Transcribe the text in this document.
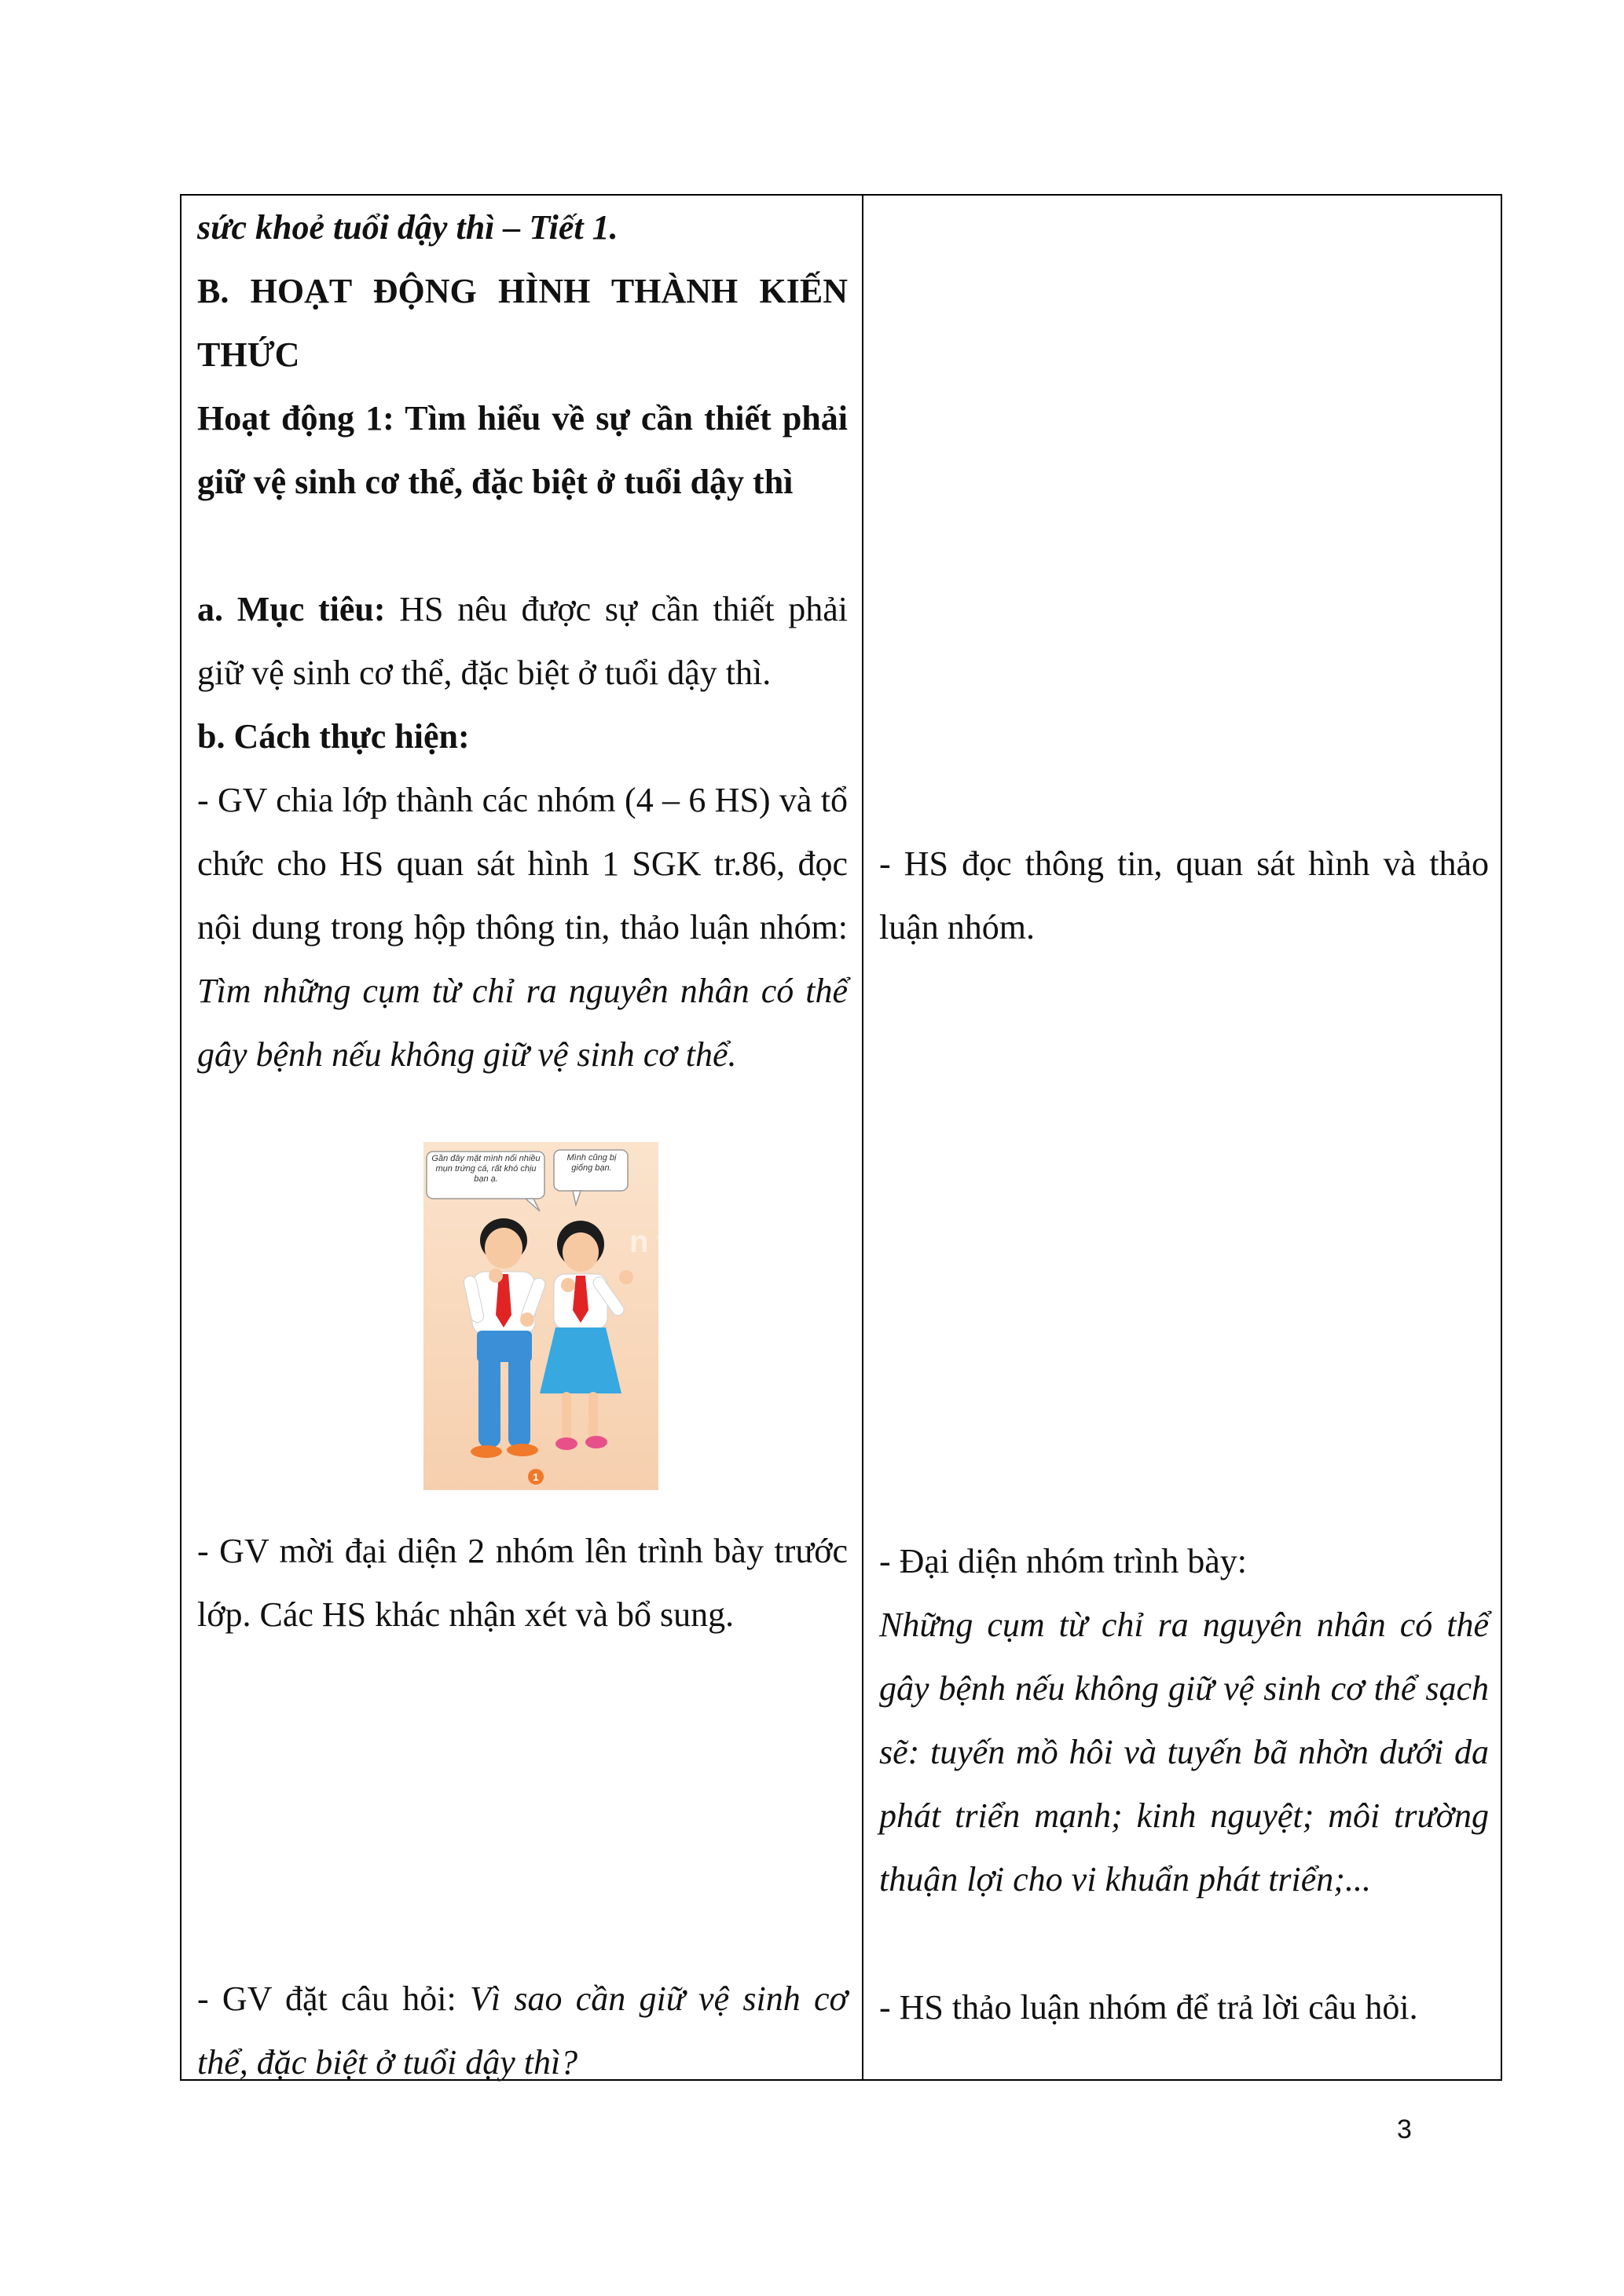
sức khoẻ tuổi dậy thì – Tiết 1.

B. HOẠT ĐỘNG HÌNH THÀNH KIẾN THỨC

Hoạt động 1: Tìm hiểu về sự cần thiết phải giữ vệ sinh cơ thể, đặc biệt ở tuổi dậy thì

a. Mục tiêu: HS nêu được sự cần thiết phải giữ vệ sinh cơ thể, đặc biệt ở tuổi dậy thì.

b. Cách thực hiện:

- GV chia lớp thành các nhóm (4 – 6 HS) và tổ chức cho HS quan sát hình 1 SGK tr.86, đọc nội dung trong hộp thông tin, thảo luận nhóm: Tìm những cụm từ chỉ ra nguyên nhân có thể gây bệnh nếu không giữ vệ sinh cơ thể.

Gần đây mặt mình nổi nhiều mụn trứng cá, rất khó chịu bạn ạ.
Mình cũng bị giống bạn.
n tr
1

- GV mời đại diện 2 nhóm lên trình bày trước lớp. Các HS khác nhận xét và bổ sung.

- GV đặt câu hỏi: Vì sao cần giữ vệ sinh cơ thể, đặc biệt ở tuổi dậy thì?

- HS đọc thông tin, quan sát hình và thảo luận nhóm.

- Đại diện nhóm trình bày:

Những cụm từ chỉ ra nguyên nhân có thể gây bệnh nếu không giữ vệ sinh cơ thể sạch sẽ: tuyến mồ hôi và tuyến bã nhờn dưới da phát triển mạnh; kinh nguyệt; môi trường thuận lợi cho vi khuẩn phát triển;...

- HS thảo luận nhóm để trả lời câu hỏi.

3
